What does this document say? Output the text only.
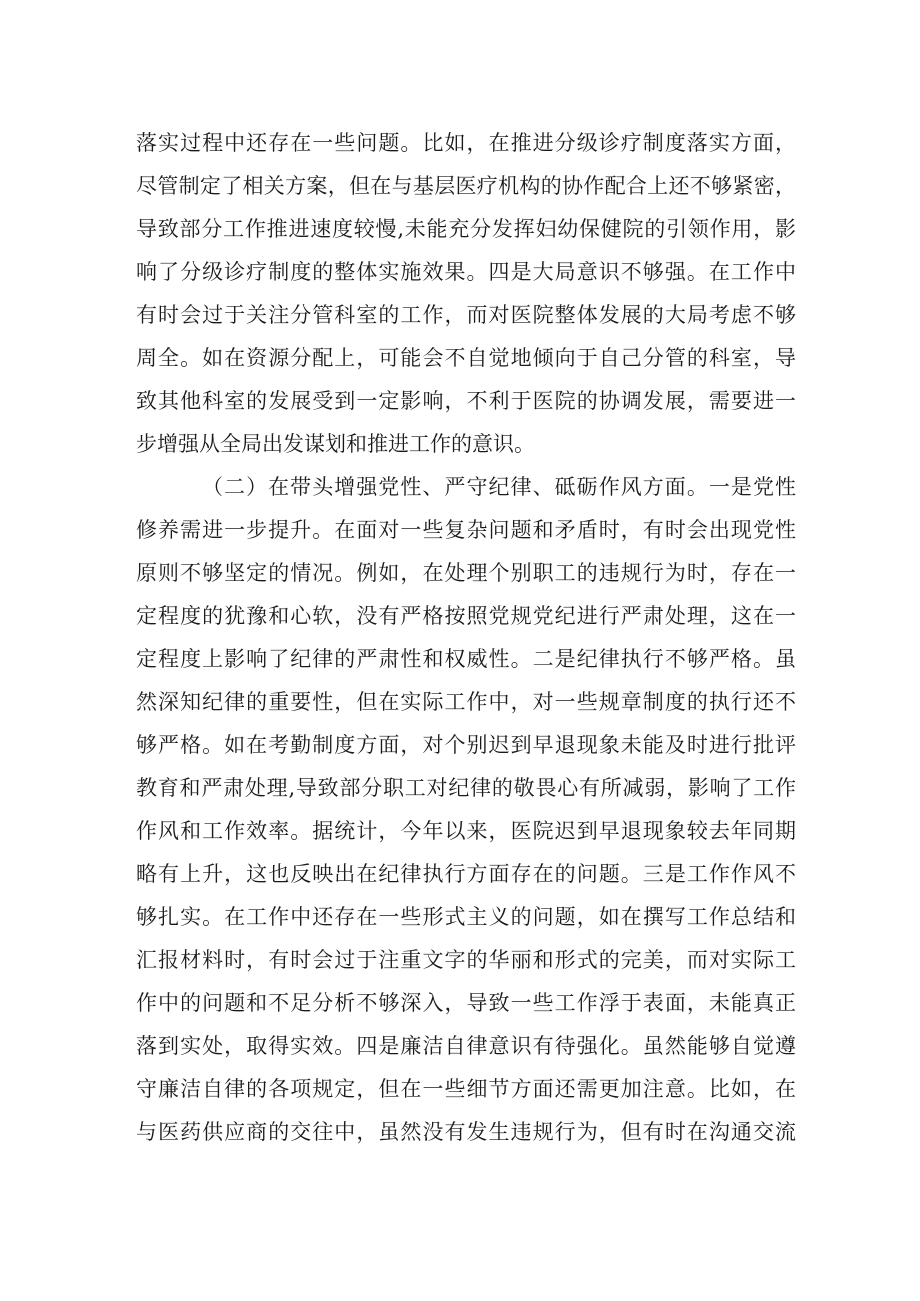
落实过程中还存在一些问题。比如，在推进分级诊疗制度落实方面，
尽管制定了相关方案，但在与基层医疗机构的协作配合上还不够紧密，
导致部分工作推进速度较慢,未能充分发挥妇幼保健院的引领作用，影
响了分级诊疗制度的整体实施效果。四是大局意识不够强。在工作中
有时会过于关注分管科室的工作，而对医院整体发展的大局考虑不够
周全。如在资源分配上，可能会不自觉地倾向于自己分管的科室，导
致其他科室的发展受到一定影响，不利于医院的协调发展，需要进一
步增强从全局出发谋划和推进工作的意识。
（二）在带头增强党性、严守纪律、砥砺作风方面。一是党性
修养需进一步提升。在面对一些复杂问题和矛盾时，有时会出现党性
原则不够坚定的情况。例如，在处理个别职工的违规行为时，存在一
定程度的犹豫和心软，没有严格按照党规党纪进行严肃处理，这在一
定程度上影响了纪律的严肃性和权威性。二是纪律执行不够严格。虽
然深知纪律的重要性，但在实际工作中，对一些规章制度的执行还不
够严格。如在考勤制度方面，对个别迟到早退现象未能及时进行批评
教育和严肃处理,导致部分职工对纪律的敬畏心有所减弱，影响了工作
作风和工作效率。据统计，今年以来，医院迟到早退现象较去年同期
略有上升，这也反映出在纪律执行方面存在的问题。三是工作作风不
够扎实。在工作中还存在一些形式主义的问题，如在撰写工作总结和
汇报材料时，有时会过于注重文字的华丽和形式的完美，而对实际工
作中的问题和不足分析不够深入，导致一些工作浮于表面，未能真正
落到实处，取得实效。四是廉洁自律意识有待强化。虽然能够自觉遵
守廉洁自律的各项规定，但在一些细节方面还需更加注意。比如，在
与医药供应商的交往中，虽然没有发生违规行为，但有时在沟通交流
